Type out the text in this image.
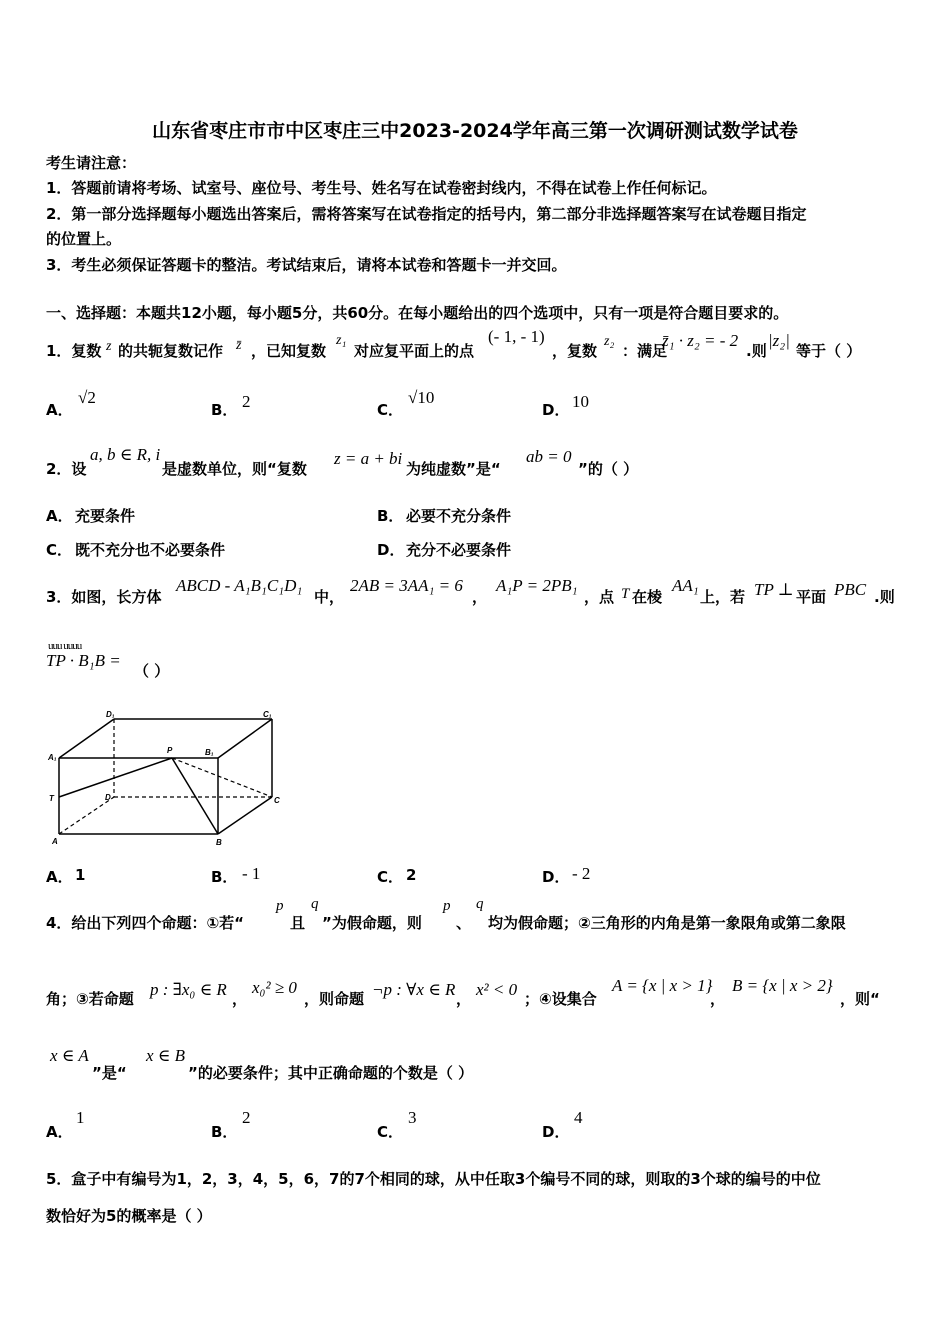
山东省枣庄市市中区枣庄三中2023-2024学年高三第一次调研测试数学试卷
考生请注意：
1．答题前请将考场、试室号、座位号、考生号、姓名写在试卷密封线内，不得在试卷上作任何标记。
2．第一部分选择题每小题选出答案后，需将答案写在试卷指定的括号内，第二部分非选择题答案写在试卷题目指定
的位置上。
3．考生必须保证答题卡的整洁。考试结束后，请将本试卷和答题卡一并交回。
一、选择题：本题共12小题，每小题5分，共60分。在每小题给出的四个选项中，只有一项是符合题目要求的。
1．复数 z 的共轭复数记作 z̄ ，已知复数
z₁
对应复平面上的点
(- 1, - 1)
，复数
z₂
：满足
z̄₁ · z₂ = - 2
.则
|z₂|
等于（ ）
A．
√2
B． 2	C．
√10
D． 10
2．设
a, b ∈ R, i
是虚数单位，则“复数
z = a + bi
为纯虚数”是“
ab = 0
”的（ ）
A． 充要条件	B． 必要不充分条件
C． 既不充分也不必要条件	D． 充分不必要条件
3．如图，长方体
ABCD - A₁B₁C₁D₁
中，
2AB = 3AA₁ = 6
，
A₁P = 2PB₁
，点 T 在棱
AA₁
上，若 TP ⊥ 平面 PBC .则
uuu uuuu
TP · B₁B =
（ ）
D₁	C₁
A₁
P	B₁
T	D	C
A	B
A． 1	B． - 1	C． 2	D． - 2
4．给出下列四个命题：①若“
p
且
q
”为假命题，则
p
、
q
均为假命题；②三角形的内角是第一象限角或第二象限
角；③若命题 p : ∃x₀ ∈ R ，
x₀² ≥ 0
，则命题 ¬p : ∀x ∈ R ， x² < 0 ；④设集合
A = {x | x > 1}
，
B = {x | x > 2}
，则“
x ∈ A
”是“
x ∈ B
”的必要条件；其中正确命题的个数是（ ）
A．
1
B．
2
C．
3
D．
4
5．盒子中有编号为1，2，3，4，5，6，7的7个相同的球，从中任取3个编号不同的球，则取的3个球的编号的中位
数恰好为5的概率是（ ）
